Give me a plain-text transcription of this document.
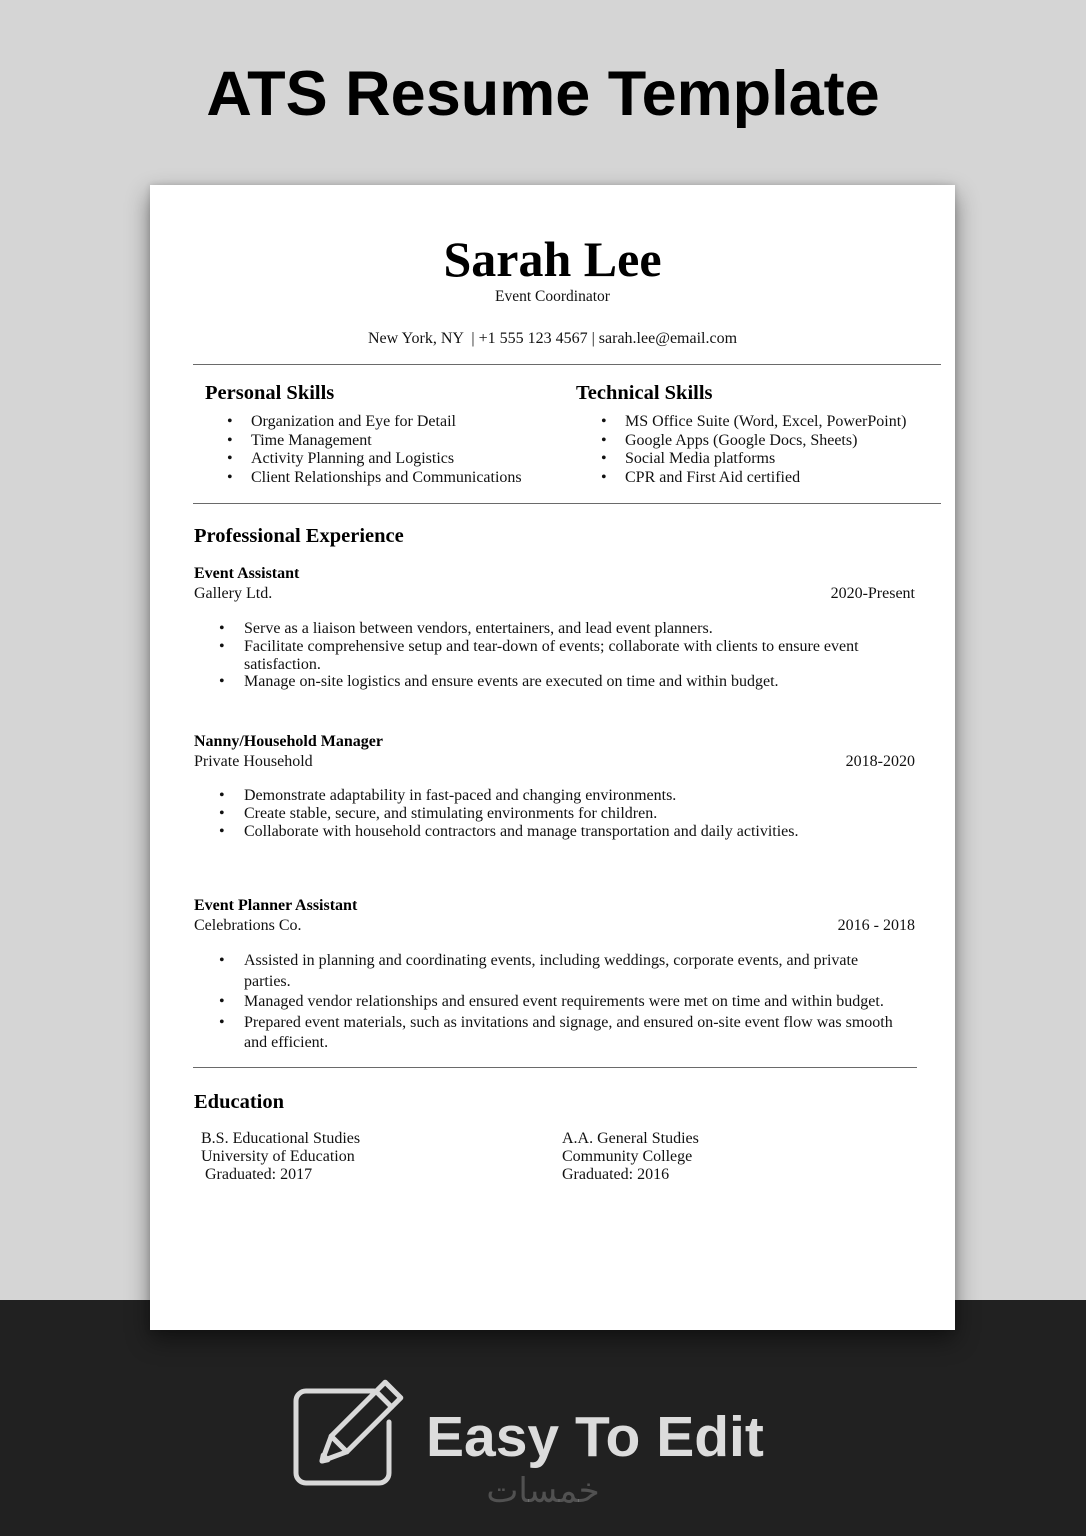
ATS Resume Template
Sarah Lee
Event Coordinator
New York, NY  | +1 555 123 4567 | sarah.lee@email.com
Personal Skills	Technical Skills
• Organization and Eye for Detail
• Time Management
• Activity Planning and Logistics
• Client Relationships and Communications
• MS Office Suite (Word, Excel, PowerPoint)
• Google Apps (Google Docs, Sheets)
• Social Media platforms
• CPR and First Aid certified
Professional Experience
Event Assistant
Gallery Ltd.	2020-Present
• Serve as a liaison between vendors, entertainers, and lead event planners.
• Facilitate comprehensive setup and tear-down of events; collaborate with clients to ensure event satisfaction.
• Manage on-site logistics and ensure events are executed on time and within budget.
Nanny/Household Manager
Private Household	2018-2020
• Demonstrate adaptability in fast-paced and changing environments.
• Create stable, secure, and stimulating environments for children.
• Collaborate with household contractors and manage transportation and daily activities.
Event Planner Assistant
Celebrations Co.	2016 - 2018
• Assisted in planning and coordinating events, including weddings, corporate events, and private parties.
• Managed vendor relationships and ensured event requirements were met on time and within budget.
• Prepared event materials, such as invitations and signage, and ensured on-site event flow was smooth and efficient.
Education
B.S. Educational Studies
University of Education
Graduated: 2017
A.A. General Studies
Community College
Graduated: 2016
Easy To Edit
خمسات
